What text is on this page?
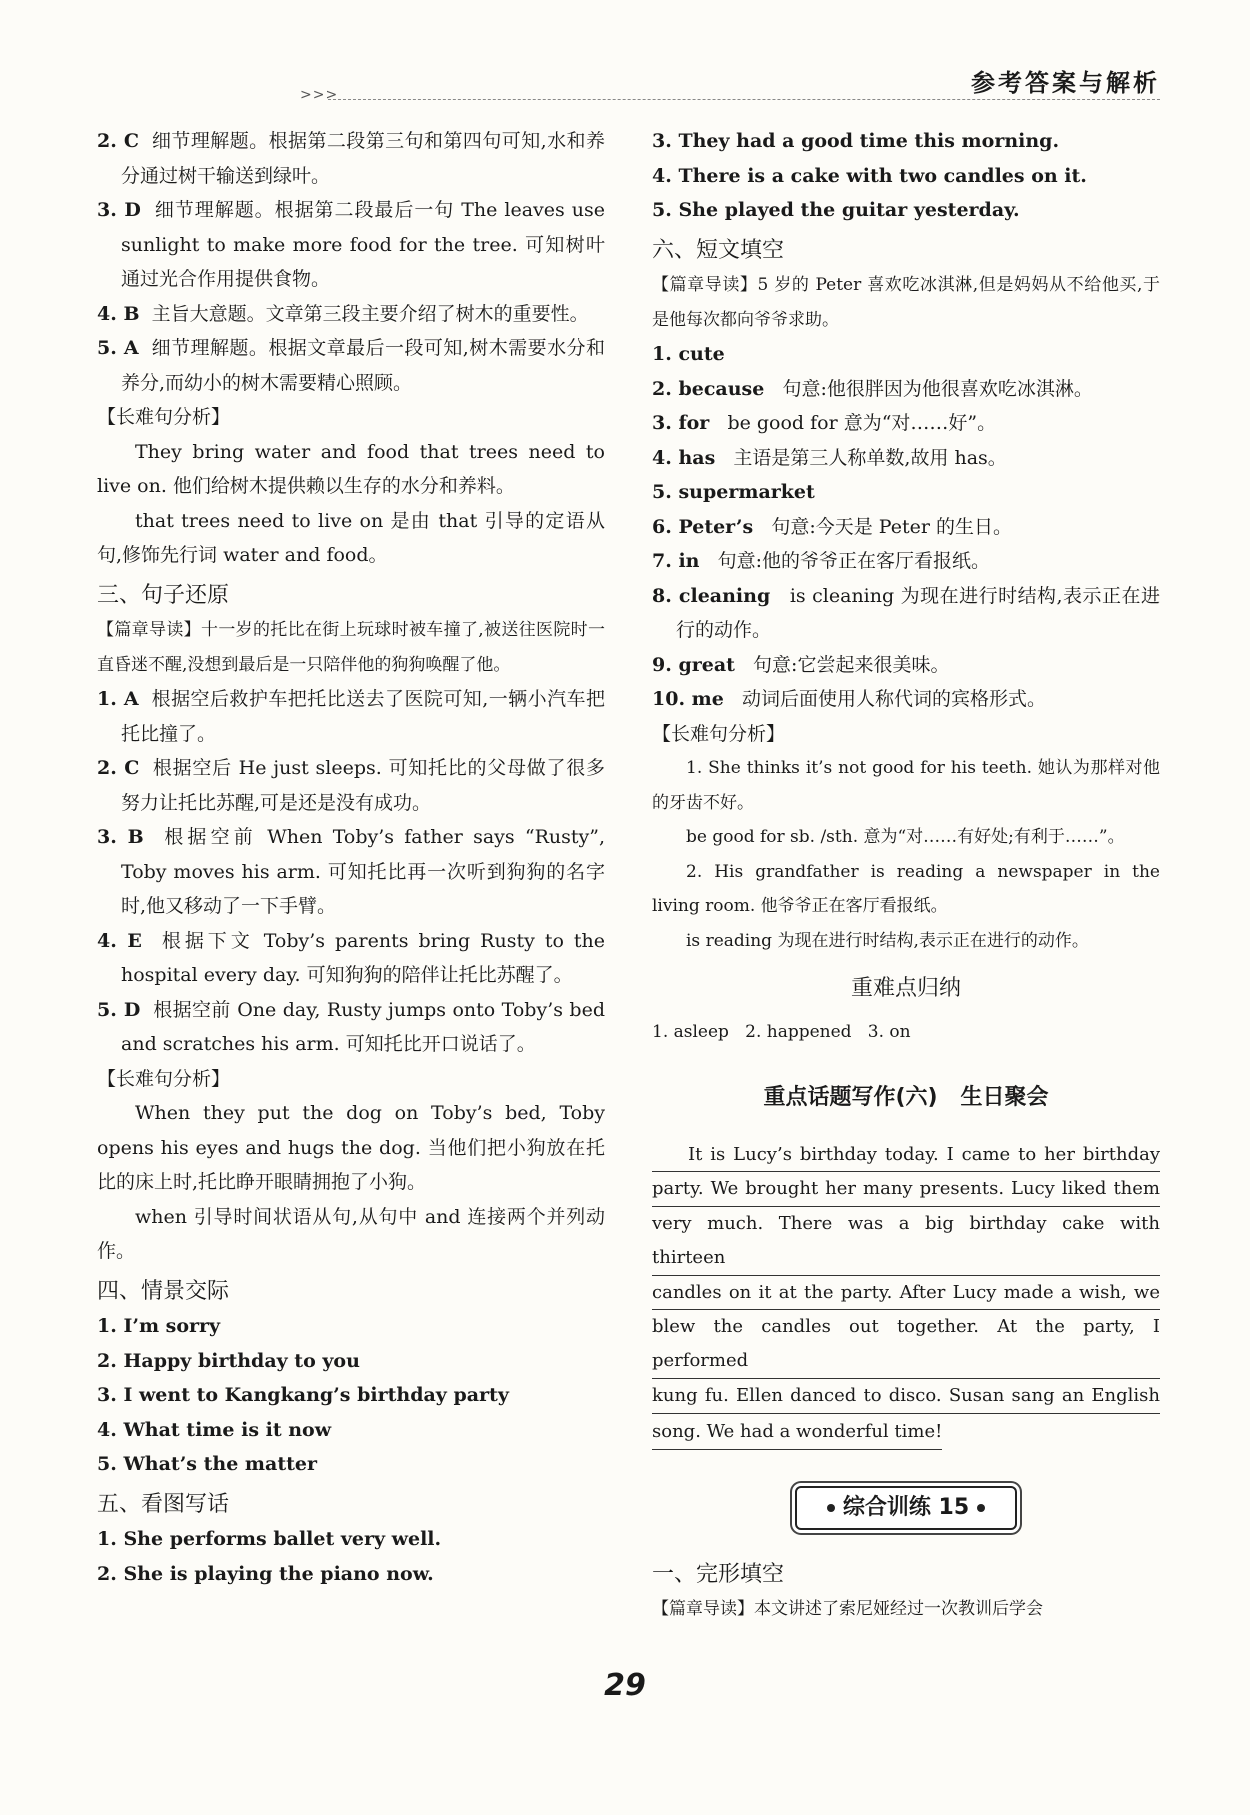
>>>	参考答案与解析

2. C 细节理解题。根据第二段第三句和第四句可知,水和养分通过树干输送到绿叶。

3. D 细节理解题。根据第二段最后一句 The leaves use sunlight to make more food for the tree. 可知树叶通过光合作用提供食物。

4. B 主旨大意题。文章第三段主要介绍了树木的重要性。

5. A 细节理解题。根据文章最后一段可知,树木需要水分和养分,而幼小的树木需要精心照顾。

【长难句分析】

They bring water and food that trees need to live on. 他们给树木提供赖以生存的水分和养料。

that trees need to live on 是由 that 引导的定语从句,修饰先行词 water and food。

三、句子还原

【篇章导读】十一岁的托比在街上玩球时被车撞了,被送往医院时一直昏迷不醒,没想到最后是一只陪伴他的狗狗唤醒了他。

1. A 根据空后救护车把托比送去了医院可知,一辆小汽车把托比撞了。

2. C 根据空后 He just sleeps. 可知托比的父母做了很多努力让托比苏醒,可是还是没有成功。

3. B 根据空前 When Toby’s father says “Rusty”, Toby moves his arm. 可知托比再一次听到狗狗的名字时,他又移动了一下手臂。

4. E 根据下文 Toby’s parents bring Rusty to the hospital every day. 可知狗狗的陪伴让托比苏醒了。

5. D 根据空前 One day, Rusty jumps onto Toby’s bed and scratches his arm. 可知托比开口说话了。

【长难句分析】

When they put the dog on Toby’s bed, Toby opens his eyes and hugs the dog. 当他们把小狗放在托比的床上时,托比睁开眼睛拥抱了小狗。

when 引导时间状语从句,从句中 and 连接两个并列动作。

四、情景交际

1. I’m sorry

2. Happy birthday to you

3. I went to Kangkang’s birthday party

4. What time is it now

5. What’s the matter

五、看图写话

1. She performs ballet very well.

2. She is playing the piano now.

3. They had a good time this morning.

4. There is a cake with two candles on it.

5. She played the guitar yesterday.

六、短文填空

【篇章导读】5 岁的 Peter 喜欢吃冰淇淋,但是妈妈从不给他买,于是他每次都向爷爷求助。

1. cute

2. because 句意:他很胖因为他很喜欢吃冰淇淋。

3. for be good for 意为“对……好”。

4. has 主语是第三人称单数,故用 has。

5. supermarket

6. Peter’s 句意:今天是 Peter 的生日。

7. in 句意:他的爷爷正在客厅看报纸。

8. cleaning is cleaning 为现在进行时结构,表示正在进行的动作。

9. great 句意:它尝起来很美味。

10. me 动词后面使用人称代词的宾格形式。

【长难句分析】

1. She thinks it’s not good for his teeth. 她认为那样对他的牙齿不好。

be good for sb. /sth. 意为“对……有好处;有利于……”。

2. His grandfather is reading a newspaper in the living room. 他爷爷正在客厅看报纸。

is reading 为现在进行时结构,表示正在进行的动作。

重难点归纳

1. asleep   2. happened   3. on

重点话题写作(六)   生日聚会

It is Lucy’s birthday today. I came to her birthday
party. We brought her many presents. Lucy liked them
very much. There was a big birthday cake with thirteen
candles on it at the party. After Lucy made a wish, we
blew the candles out together. At the party, I performed
kung fu. Ellen danced to disco. Susan sang an English
song. We had a wonderful time!
综合训练 15

一、完形填空

【篇章导读】本文讲述了索尼娅经过一次教训后学会

29
